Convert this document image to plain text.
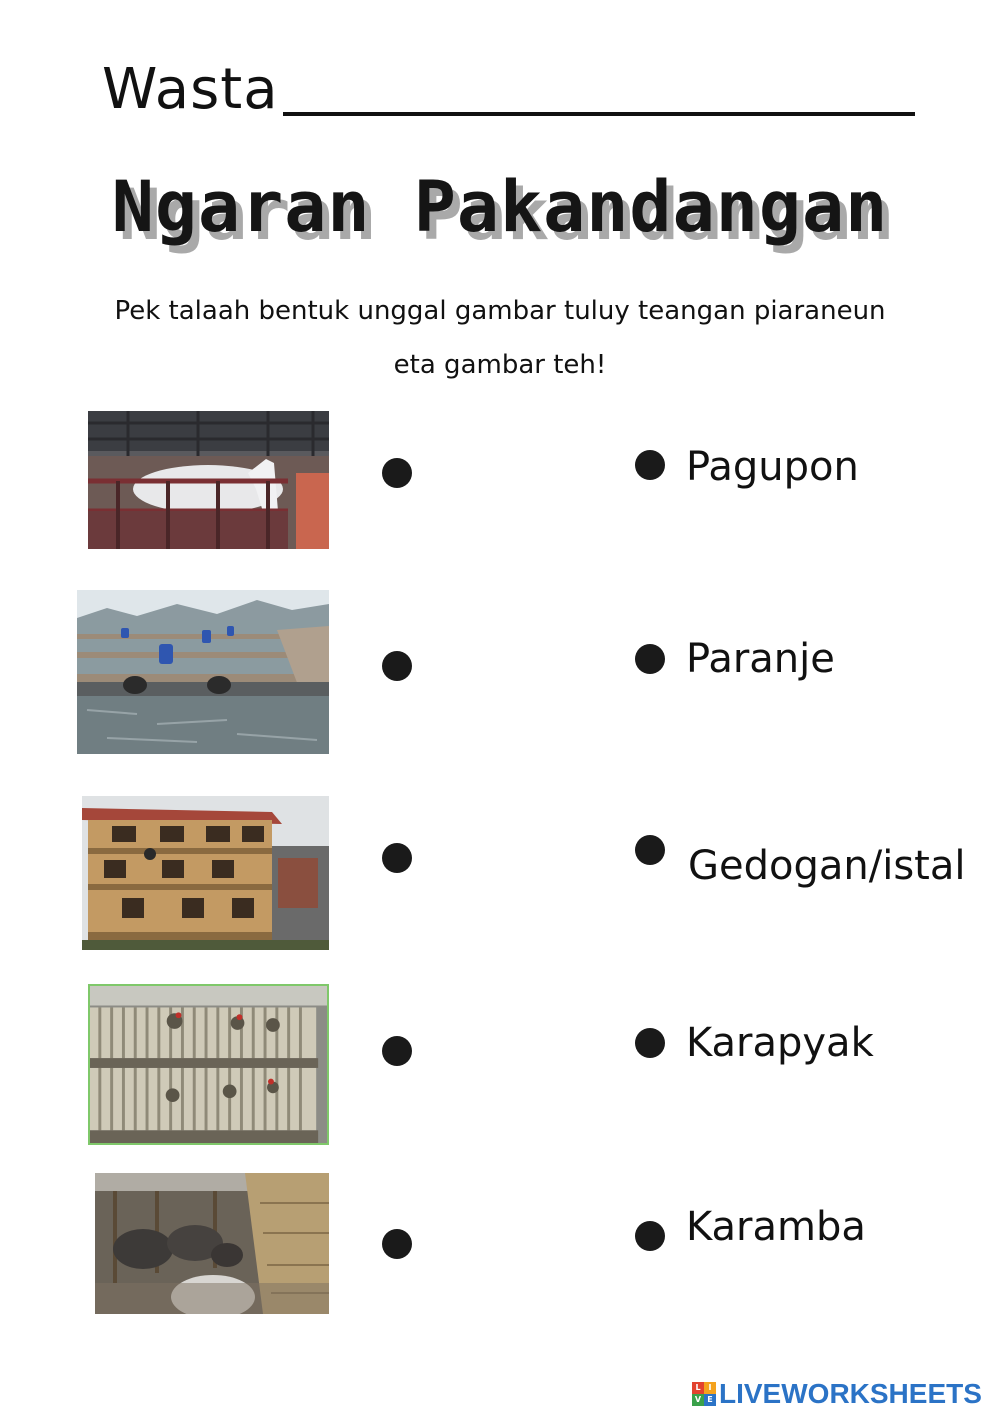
Wasta
Ngaran Pakandangan
Pek talaah bentuk unggal gambar tuluy teangan piaraneun eta gambar teh!
Pagupon
Paranje
Gedogan/istal
Karapyak
Karamba
L I
V E LIVEWORKSHEETS
